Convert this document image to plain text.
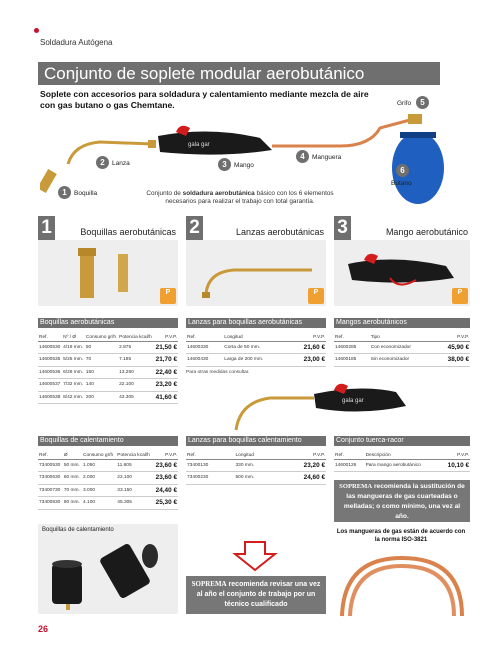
Soldadura Autógena
Conjunto de soplete modular aerobutánico
Soplete con accesorios para soldadura y calentamiento mediante mezcla de aire con gas butano o gas Chemtane.
gala gar
1	Boquilla
2	Lanza	3	Mango
4	Manguera
5
Grifo
6
Butano
Conjunto de soldadura aerobutánica básico con los 6 elementos necesarios para realizar el trabajo con total garantía.
1	Boquillas aerobutánicas 2	Lanzas aerobutánicas 3	Mango aerobutánico
P	P	P
Boquillas aerobutánicas
Ref.	Nº / Ø	Consumo gr/h	Potencia kcal/h	P.V.P.
14600530	4/19 mm.	50	2.875	21,50 €
14600535	5/25 mm.	70	7.185	21,70 €
14600536	6/29 mm.	150	13.260	22,40 €
14600537	7/32 mm.	140	22.100	23,20 €
14600538	8/42 mm.	200	43.305	41,60 €
Lanzas para boquillas aerobutánicas
Ref.	Longitud	P.V.P.
14600330	Corta de 50 mm.	21,60 €
14600430	Larga de 200 mm.	23,00 €
Para otras medidas consultar.
Mangos aerobutánicos
Ref.	Tipo	P.V.P.
14600285	Con economizador	45,90 €
14600185	Sin economizador	38,00 €
gala gar
Boquillas de calentamiento
Ref.	Ø	Consumo gr/h	Potencia kcal/h	P.V.P.
73400530	50 mm.	1.050	11.605	23,60 €
73400630	60 mm.	2.000	22.100	23,60 €
73400730	70 mm.	3.000	33.150	24,40 €
73400830	80 mm.	4.100	45.305	25,30 €
Lanzas para boquillas calentamiento
Ref.	Longitud	P.V.P.
73400130	330 mm.	23,20 €
73400230	500 mm.	24,60 €
Conjunto tuerca-racor
Ref.	Descripción	P.V.P.
14600126	Para mango aerobutánico	10,10 €
SOPREMA recomienda la sustitución de las mangueras de gas cuarteadas o melladas; o como mínimo, una vez al año.
Boquillas de calentamiento
SOPREMA recomienda revisar una vez al año el conjunto de trabajo por un técnico cualificado
Los mangueras de gas están de acuerdo con la norma ISO-3821
26
